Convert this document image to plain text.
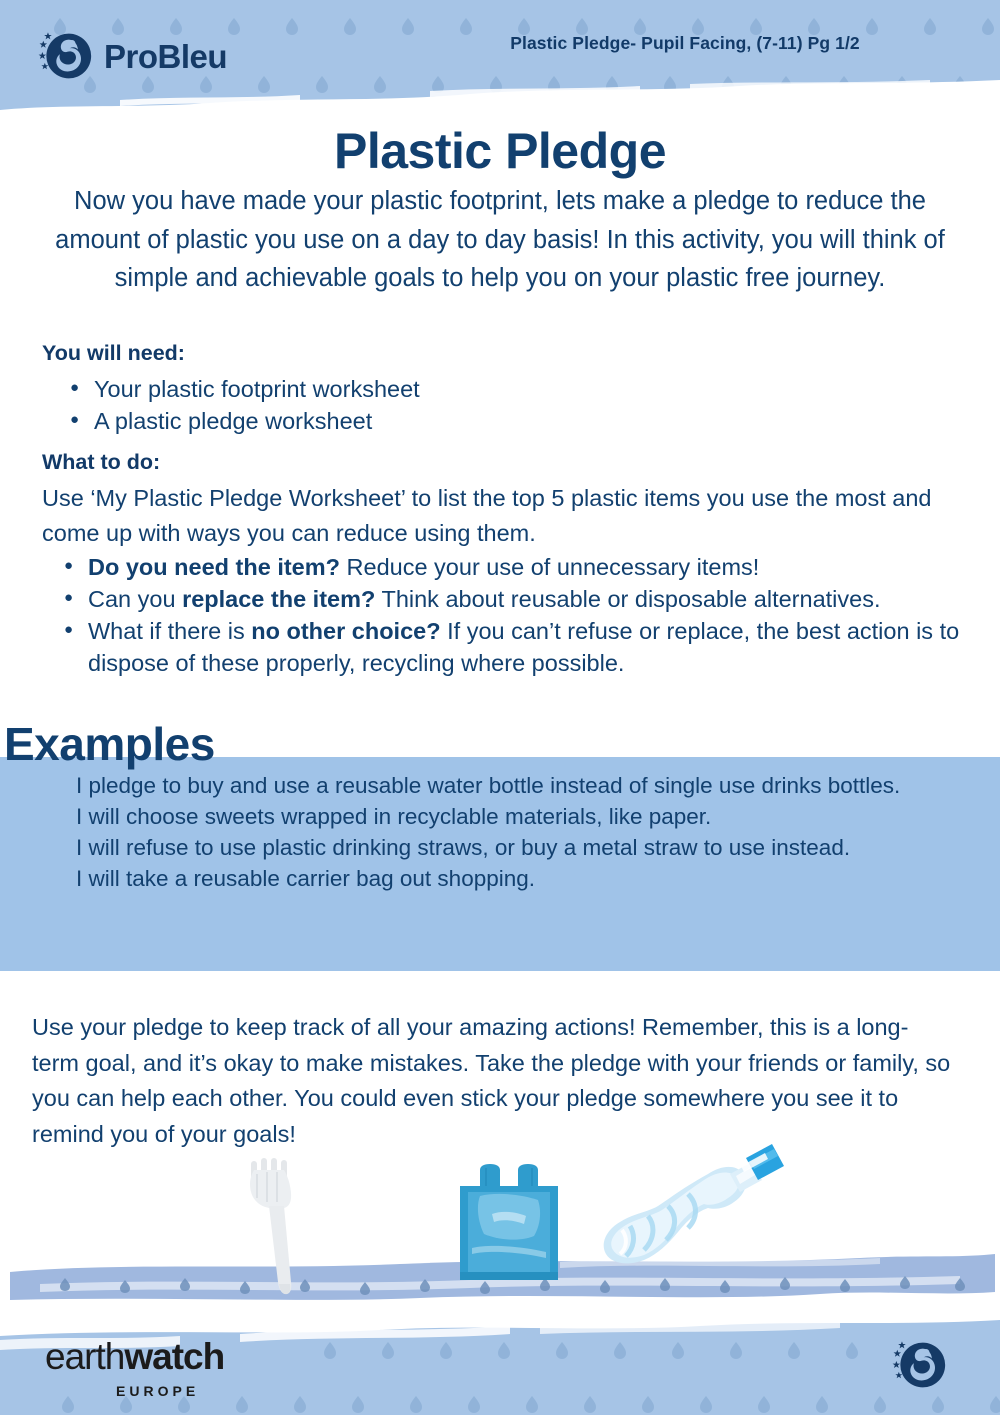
ProBleu	Plastic Pledge- Pupil Facing, (7-11) Pg 1/2
Plastic Pledge
Now you have made your plastic footprint, lets make a pledge to reduce the amount of plastic you use on a day to day basis! In this activity, you will think of simple and achievable goals to help you on your plastic free journey.
You will need:
● Your plastic footprint worksheet
● A plastic pledge worksheet
What to do:
Use ‘My Plastic Pledge Worksheet’ to list the top 5 plastic items you use the most and come up with ways you can reduce using them.
● Do you need the item? Reduce your use of unnecessary items!
● Can you replace the item? Think about reusable or disposable alternatives.
● What if there is no other choice? If you can’t refuse or replace, the best action is to dispose of these properly, recycling where possible.
Examples
I pledge to buy and use a reusable water bottle instead of single use drinks bottles.
I will choose sweets wrapped in recyclable materials, like paper.
I will refuse to use plastic drinking straws, or buy a metal straw to use instead.
I will take a reusable carrier bag out shopping.
Use your pledge to keep track of all your amazing actions! Remember, this is a long-term goal, and it’s okay to make mistakes. Take the pledge with your friends or family, so you can help each other. You could even stick your pledge somewhere you see it to remind you of your goals!
earthwatch
EUROPE
